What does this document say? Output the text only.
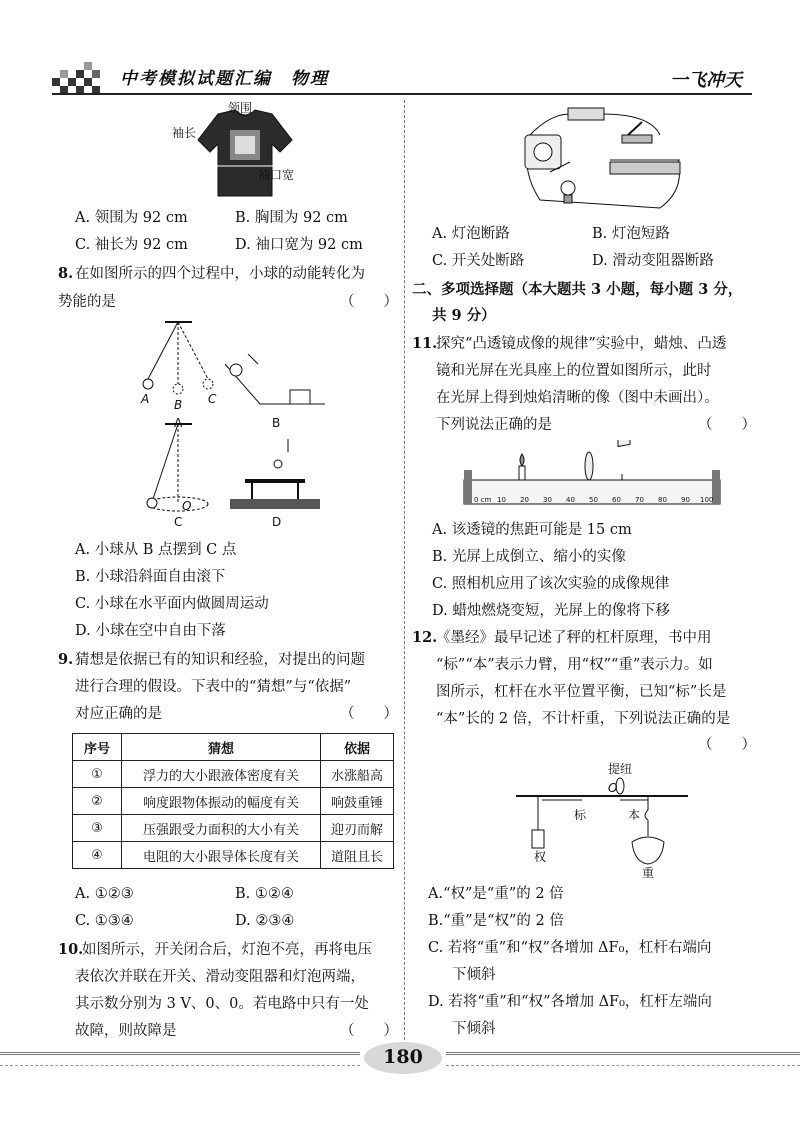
中考模拟试题汇编　物理	一飞冲天
领围
袖长
袖口宽
A. 领围为 92 cm	B. 胸围为 92 cm
C. 袖长为 92 cm	D. 袖口宽为 92 cm
8. 在如图所示的四个过程中，小球的动能转化为
势能的是	（　　）
A B C
A	B
O
C	D
A. 小球从 B 点摆到 C 点
B. 小球沿斜面自由滚下
C. 小球在水平面内做圆周运动
D. 小球在空中自由下落
9. 猜想是依据已有的知识和经验，对提出的问题
进行合理的假设。下表中的“猜想”与“依据”
对应正确的是	（　　）
序号	猜想	依据
①	浮力的大小跟液体密度有关	水涨船高
②	响度跟物体振动的幅度有关	响鼓重锤
③	压强跟受力面积的大小有关	迎刃而解
④	电阻的大小跟导体长度有关	道阻且长
A. ①②③	B. ①②④
C. ①③④	D. ②③④
10.
如图所示，开关闭合后，灯泡不亮，再将电压
表依次并联在开关、滑动变阻器和灯泡两端，
其示数分别为 3 V、0、0。若电路中只有一处
故障，则故障是	（　　）
A. 灯泡断路	B. 灯泡短路
C. 开关处断路	D. 滑动变阻器断路
二、多项选择题（本大题共 3 小题，每小题 3 分，
共 9 分）
11.
探究“凸透镜成像的规律”实验中，蜡烛、凸透
镜和光屏在光具座上的位置如图所示，此时
在光屏上得到烛焰清晰的像（图中未画出）。
下列说法正确的是	（　　）
0 cm 10 20 30 40 50 60 70 80 90 100
A. 该透镜的焦距可能是 15 cm
B. 光屏上成倒立、缩小的实像
C. 照相机应用了该次实验的成像规律
D. 蜡烛燃烧变短，光屏上的像将下移
12.
《墨经》最早记述了秤的杠杆原理，书中用
“标”“本”表示力臂，用“权”“重”表示力。如
图所示，杠杆在水平位置平衡，已知“标”长是
“本”长的 2 倍，不计杆重，下列说法正确的是
（　　）
提纽
O
标	本
权
重
A.“权”是“重”的 2 倍
B.“重”是“权”的 2 倍
C. 若将“重”和“权”各增加 ΔF₀，杠杆右端向
下倾斜
D. 若将“重”和“权”各增加 ΔF₀，杠杆左端向
下倾斜
180
